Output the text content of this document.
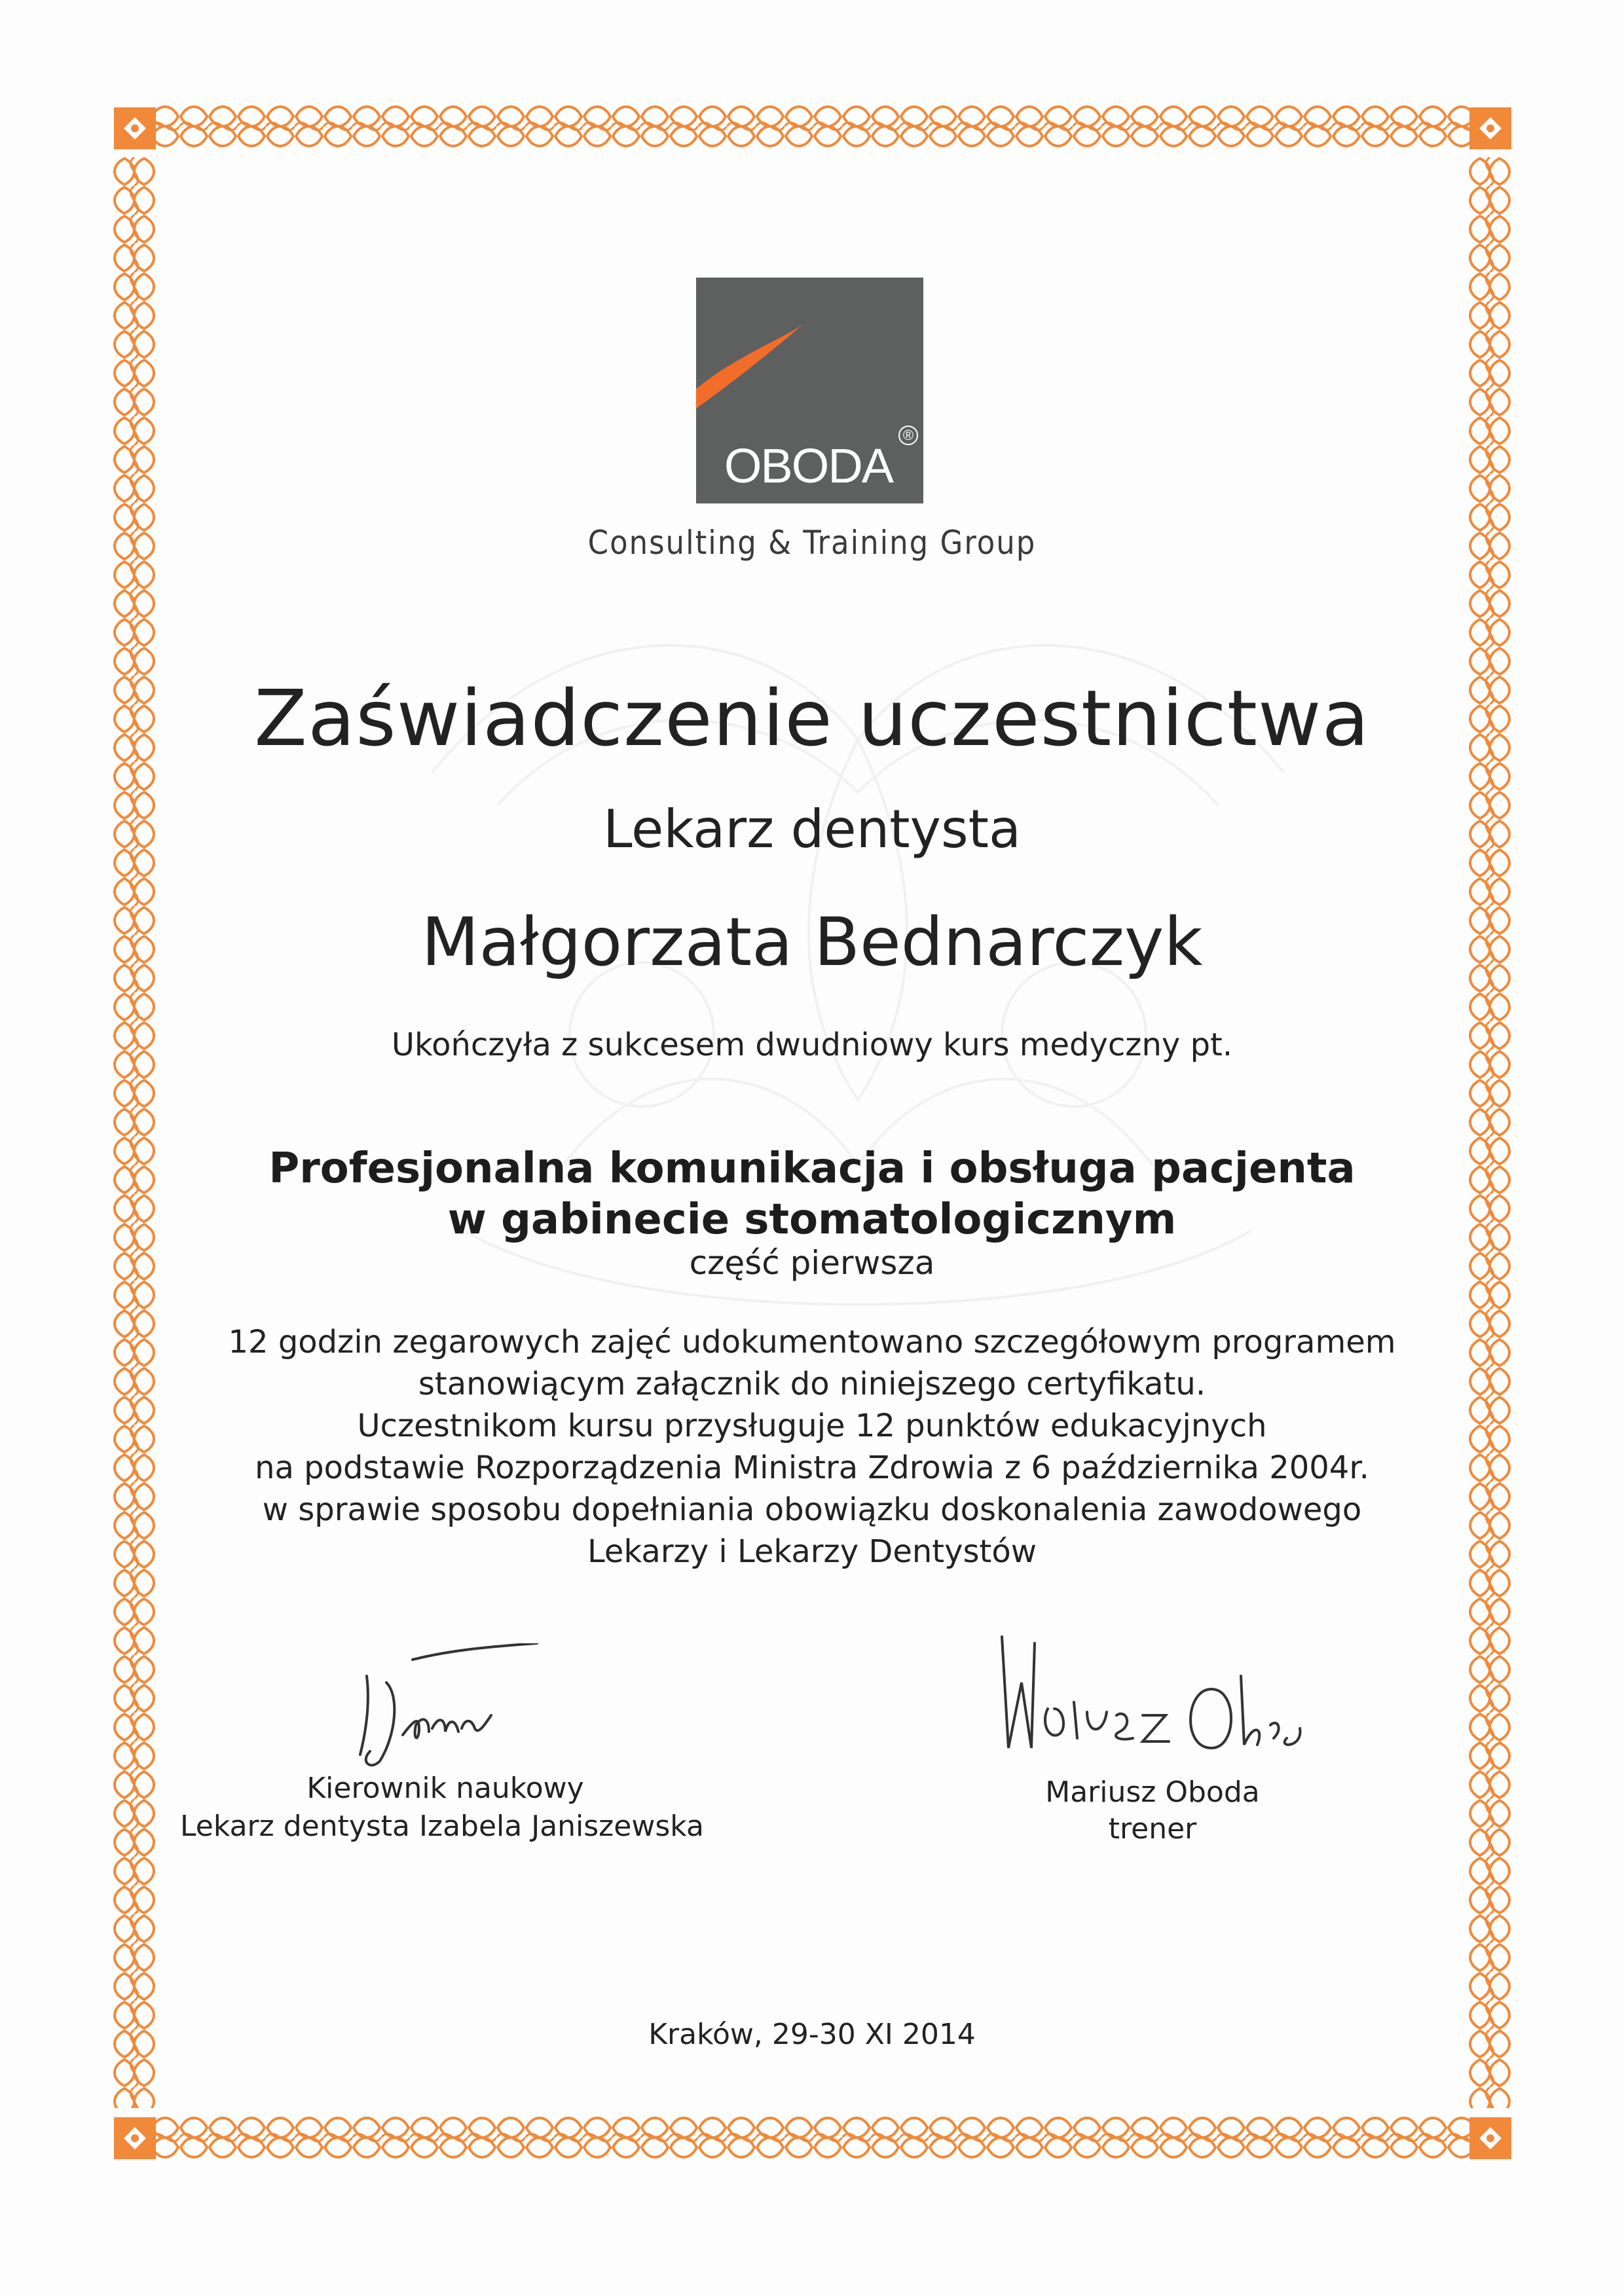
®
OBODA
Consulting & Training Group
Zaświadczenie uczestnictwa
Lekarz dentysta
Małgorzata Bednarczyk
Ukończyła z sukcesem dwudniowy kurs medyczny pt.
Profesjonalna komunikacja i obsługa pacjenta
w gabinecie stomatologicznym
część pierwsza
12 godzin zegarowych zajęć udokumentowano szczegółowym programem
stanowiącym załącznik do niniejszego certyfikatu.
Uczestnikom kursu przysługuje 12 punktów edukacyjnych
na podstawie Rozporządzenia Ministra Zdrowia z 6 października 2004r.
w sprawie sposobu dopełniania obowiązku doskonalenia zawodowego
Lekarzy i Lekarzy Dentystów
Kierownik naukowy
Lekarz dentysta Izabela Janiszewska
Mariusz Oboda
trener
Kraków, 29-30 XI 2014
